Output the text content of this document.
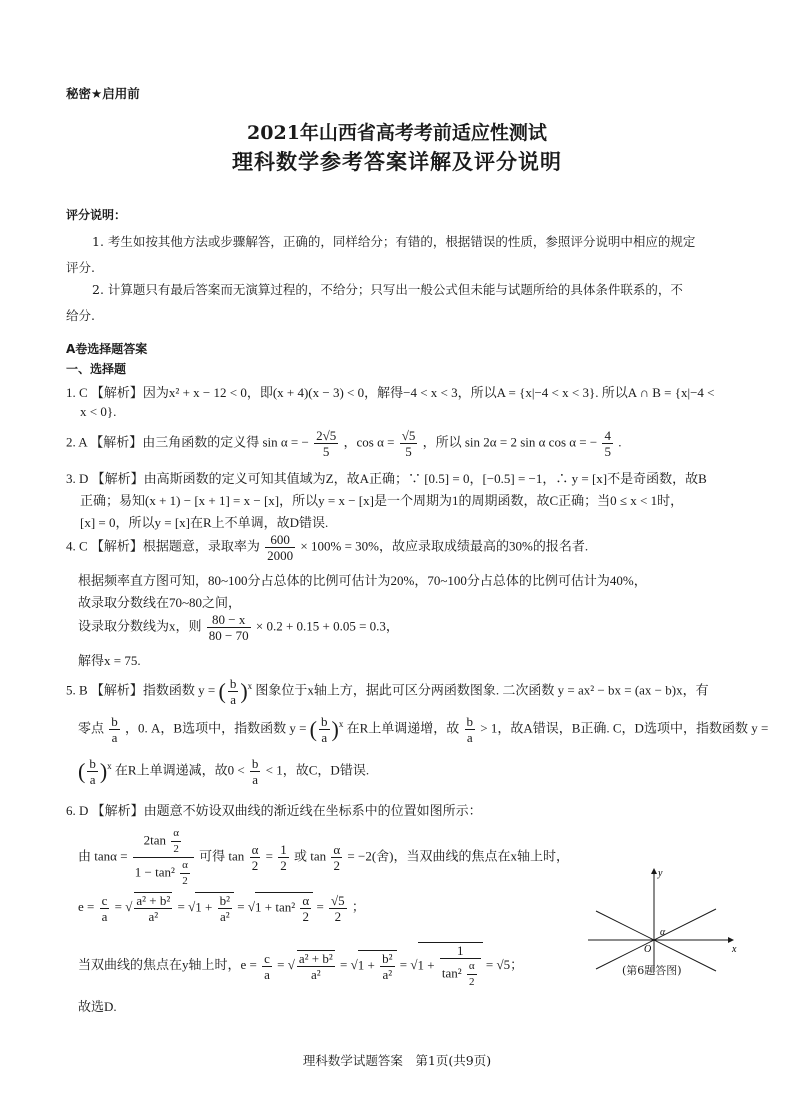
秘密★启用前
2021年山西省高考考前适应性测试
理科数学参考答案详解及评分说明
评分说明：
1. 考生如按其他方法或步骤解答，正确的，同样给分；有错的，根据错误的性质，参照评分说明中相应的规定
评分.
2. 计算题只有最后答案而无演算过程的，不给分；只写出一般公式但未能与试题所给的具体条件联系的，不
给分.
A卷选择题答案
一、选择题
1. C 【解析】因为x² + x − 12 < 0，即(x + 4)(x − 3) < 0，解得−4 < x < 3，所以A = {x|−4 < x < 3}. 所以A ∩ B = {x|−4 <
x < 0}.
2. A 【解析】由三角函数的定义得 sin α = − $\frac{2√5}{5}$ ，$\cos \alpha = \frac{√5}{5}$ ，所以 sin 2α = 2 sin α cos α = − $\frac{4}{5}$ .
3. D 【解析】由高斯函数的定义可知其值域为Z，故A正确；∵ [0.5] = 0，[−0.5] = −1，∴ y = [x]不是奇函数，故B
正确；易知(x + 1) − [x + 1] = x − [x]，所以y = x − [x]是一个周期为1的周期函数，故C正确；当0 ≤ x < 1时，
[x] = 0，所以y = [x]在R上不单调，故D错误.
4. C 【解析】根据题意，录取率为 $\frac{600}{2000} \times 100\% = 30\%$，故应录取成绩最高的30%的报名者.
根据频率直方图可知，80~100分占总体的比例可估计为20%，70~100分占总体的比例可估计为40%，
故录取分数线在70~80之间，
设录取分数线为x，则 $\frac{80 - x}{80 - 70} \times 0.2 + 0.15 + 0.05 = 0.3$，
解得x = 75.
5. B 【解析】指数函数 y = ( $\frac{b}{a} )^x$ 图象位于x轴上方，据此可区分两函数图象. 二次函数 y = ax² − bx = (ax − b)x，有
零点 $\frac{b}{a}$ ，0. A，B选项中，指数函数 y = ( $\frac{b}{a} )^x$ 在R上单调递增，故 $\frac{b}{a} > 1$，故A错误，B正确. C，D选项中，指数函数 y =
( $\frac{b}{a} )^x$ 在R上单调递减，故$0 < \frac{b}{a} < 1$，故C，D错误.
6. D 【解析】由题意不妨设双曲线的渐近线在坐标系中的位置如图所示：
由 $\tan\alpha = \frac{2\tan \frac{\alpha}{2}}{1 - \tan^2 \frac{\alpha}{2}}$ 可得 $\tan \frac{\alpha}{2} = \frac{1}{2}$ 或 $\tan \frac{\alpha}{2} = -2$(舍)，当双曲线的焦点在x轴上时，
$e = \frac{c}{a}$ = √ $\frac{\text{a² + b²}}{\text{a²}} = √1 + \frac{\text{b²}}{\text{a²}} = √1 + \tan^2 \frac{\alpha}{2} = \frac{√5}{2}$ ；
当双曲线的焦点在y轴上时，$e = \frac{c}{a}$ = √ $\frac{\text{a² + b²}}{\text{a²}} = √1 + \frac{\text{b²}}{\text{a²}} = √1 + \frac{1}{\tan^2 \frac{\alpha}{2}} = √5$；
故选D.
x
y
O
α
(第6题答图)
理科数学试题答案　第1页(共9页)
